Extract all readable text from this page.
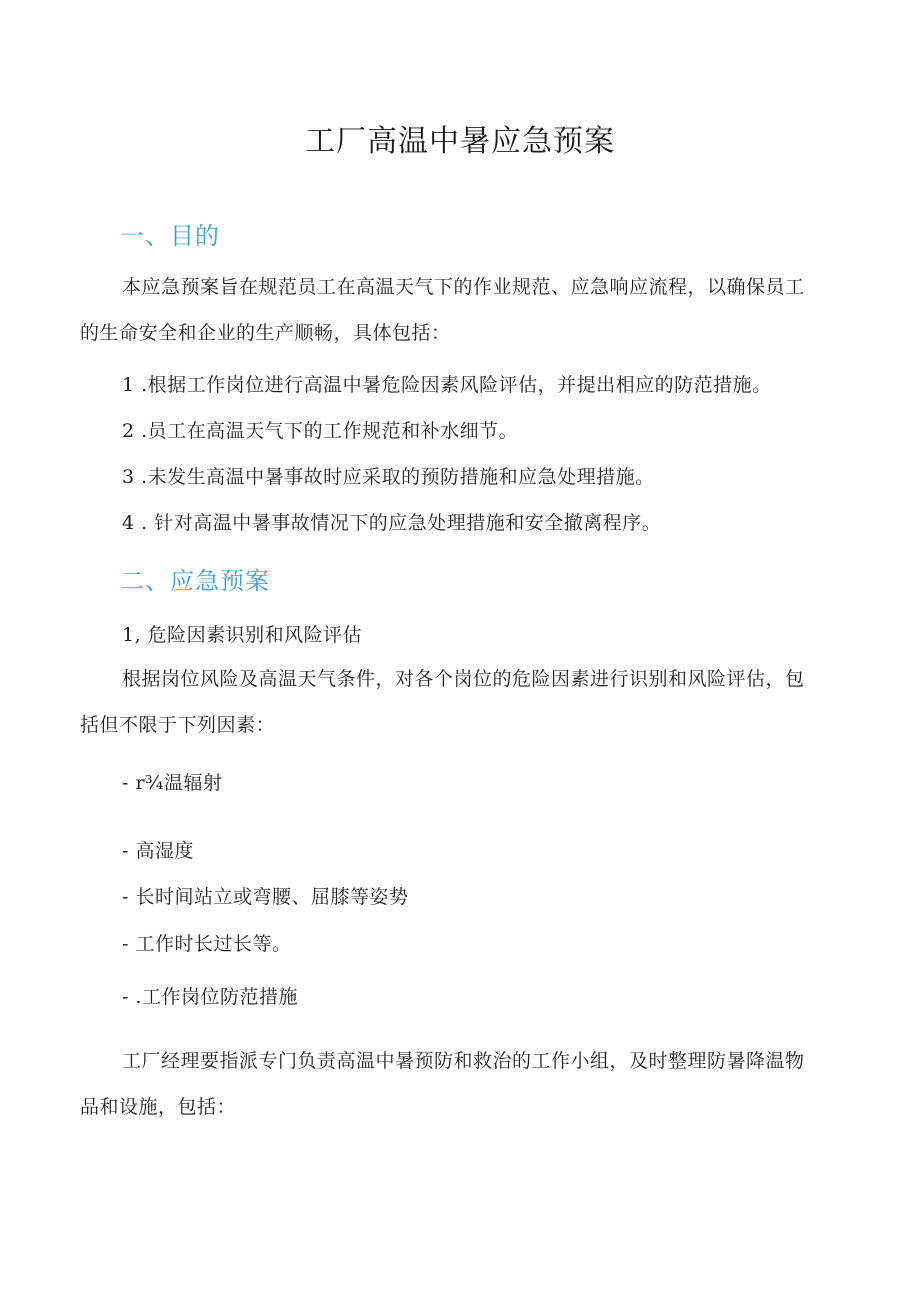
工厂高温中暑应急预案
一、目的
本应急预案旨在规范员工在高温天气下的作业规范、应急响应流程，以确保员工
的生命安全和企业的生产顺畅，具体包括：
1 .根据工作岗位进行高温中暑危险因素风险评估，并提出相应的防范措施。
2 .员工在高温天气下的工作规范和补水细节。
3 .未发生高温中暑事故时应采取的预防措施和应急处理措施。
4 . 针对高温中暑事故情况下的应急处理措施和安全撤离程序。
二、应急预案
1, 危险因素识别和风险评估
根据岗位风险及高温天气条件，对各个岗位的危险因素进行识别和风险评估，包
括但不限于下列因素：
- r¾温辐射
- 高湿度
- 长时间站立或弯腰、屈膝等姿势
- 工作时长过长等。
- .工作岗位防范措施
工厂经理要指派专门负责高温中暑预防和救治的工作小组，及时整理防暑降温物
品和设施，包括：
